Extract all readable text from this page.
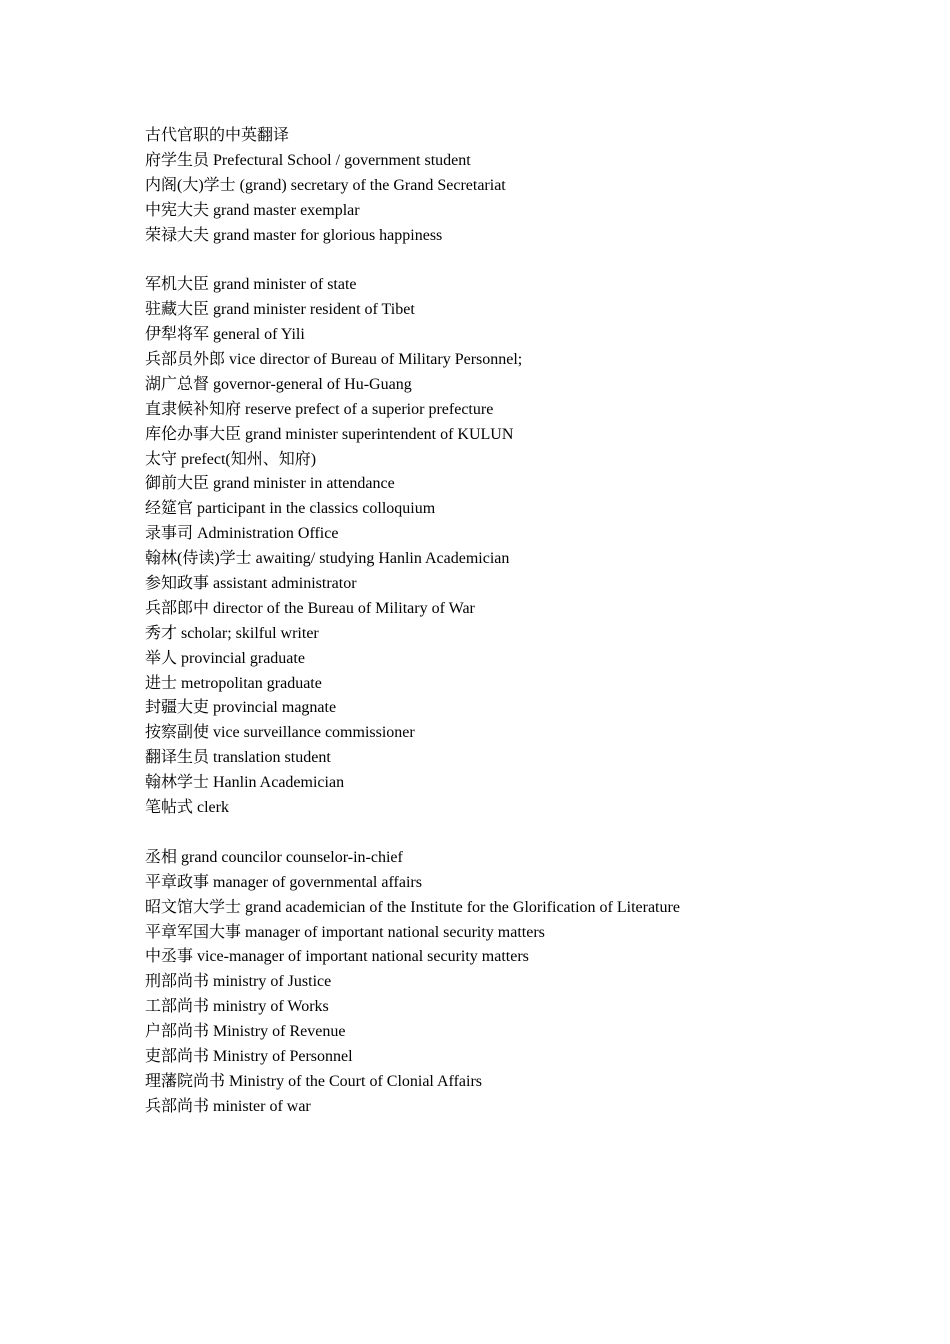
古代官职的中英翻译
府学生员 Prefectural School / government student
内阁(大)学士 (grand) secretary of the Grand Secretariat
中宪大夫 grand master exemplar
荣禄大夫 grand master for glorious happiness
军机大臣 grand minister of state
驻藏大臣 grand minister resident of Tibet
伊犁将军 general of Yili
兵部员外郎 vice director of Bureau of Military Personnel;
湖广总督 governor-general of Hu-Guang
直隶候补知府 reserve prefect of a superior prefecture
库伦办事大臣 grand minister superintendent of KULUN
太守 prefect(知州、知府)
御前大臣 grand minister in attendance
经筵官 participant in the classics colloquium
录事司 Administration Office
翰林(侍读)学士 awaiting/ studying Hanlin Academician
参知政事 assistant administrator
兵部郎中 director of the Bureau of Military of War
秀才 scholar; skilful writer
举人 provincial graduate
进士 metropolitan graduate
封疆大吏 provincial magnate
按察副使 vice surveillance commissioner
翻译生员 translation student
翰林学士 Hanlin Academician
笔帖式 clerk
丞相 grand councilor counselor-in-chief
平章政事 manager of governmental affairs
昭文馆大学士 grand academician of the Institute for the Glorification of Literature
平章军国大事 manager of important national security matters
中丞事 vice-manager of important national security matters
刑部尚书 ministry of Justice
工部尚书 ministry of Works
户部尚书 Ministry of Revenue
吏部尚书 Ministry of Personnel
理藩院尚书 Ministry of the Court of Clonial Affairs
兵部尚书 minister of war
